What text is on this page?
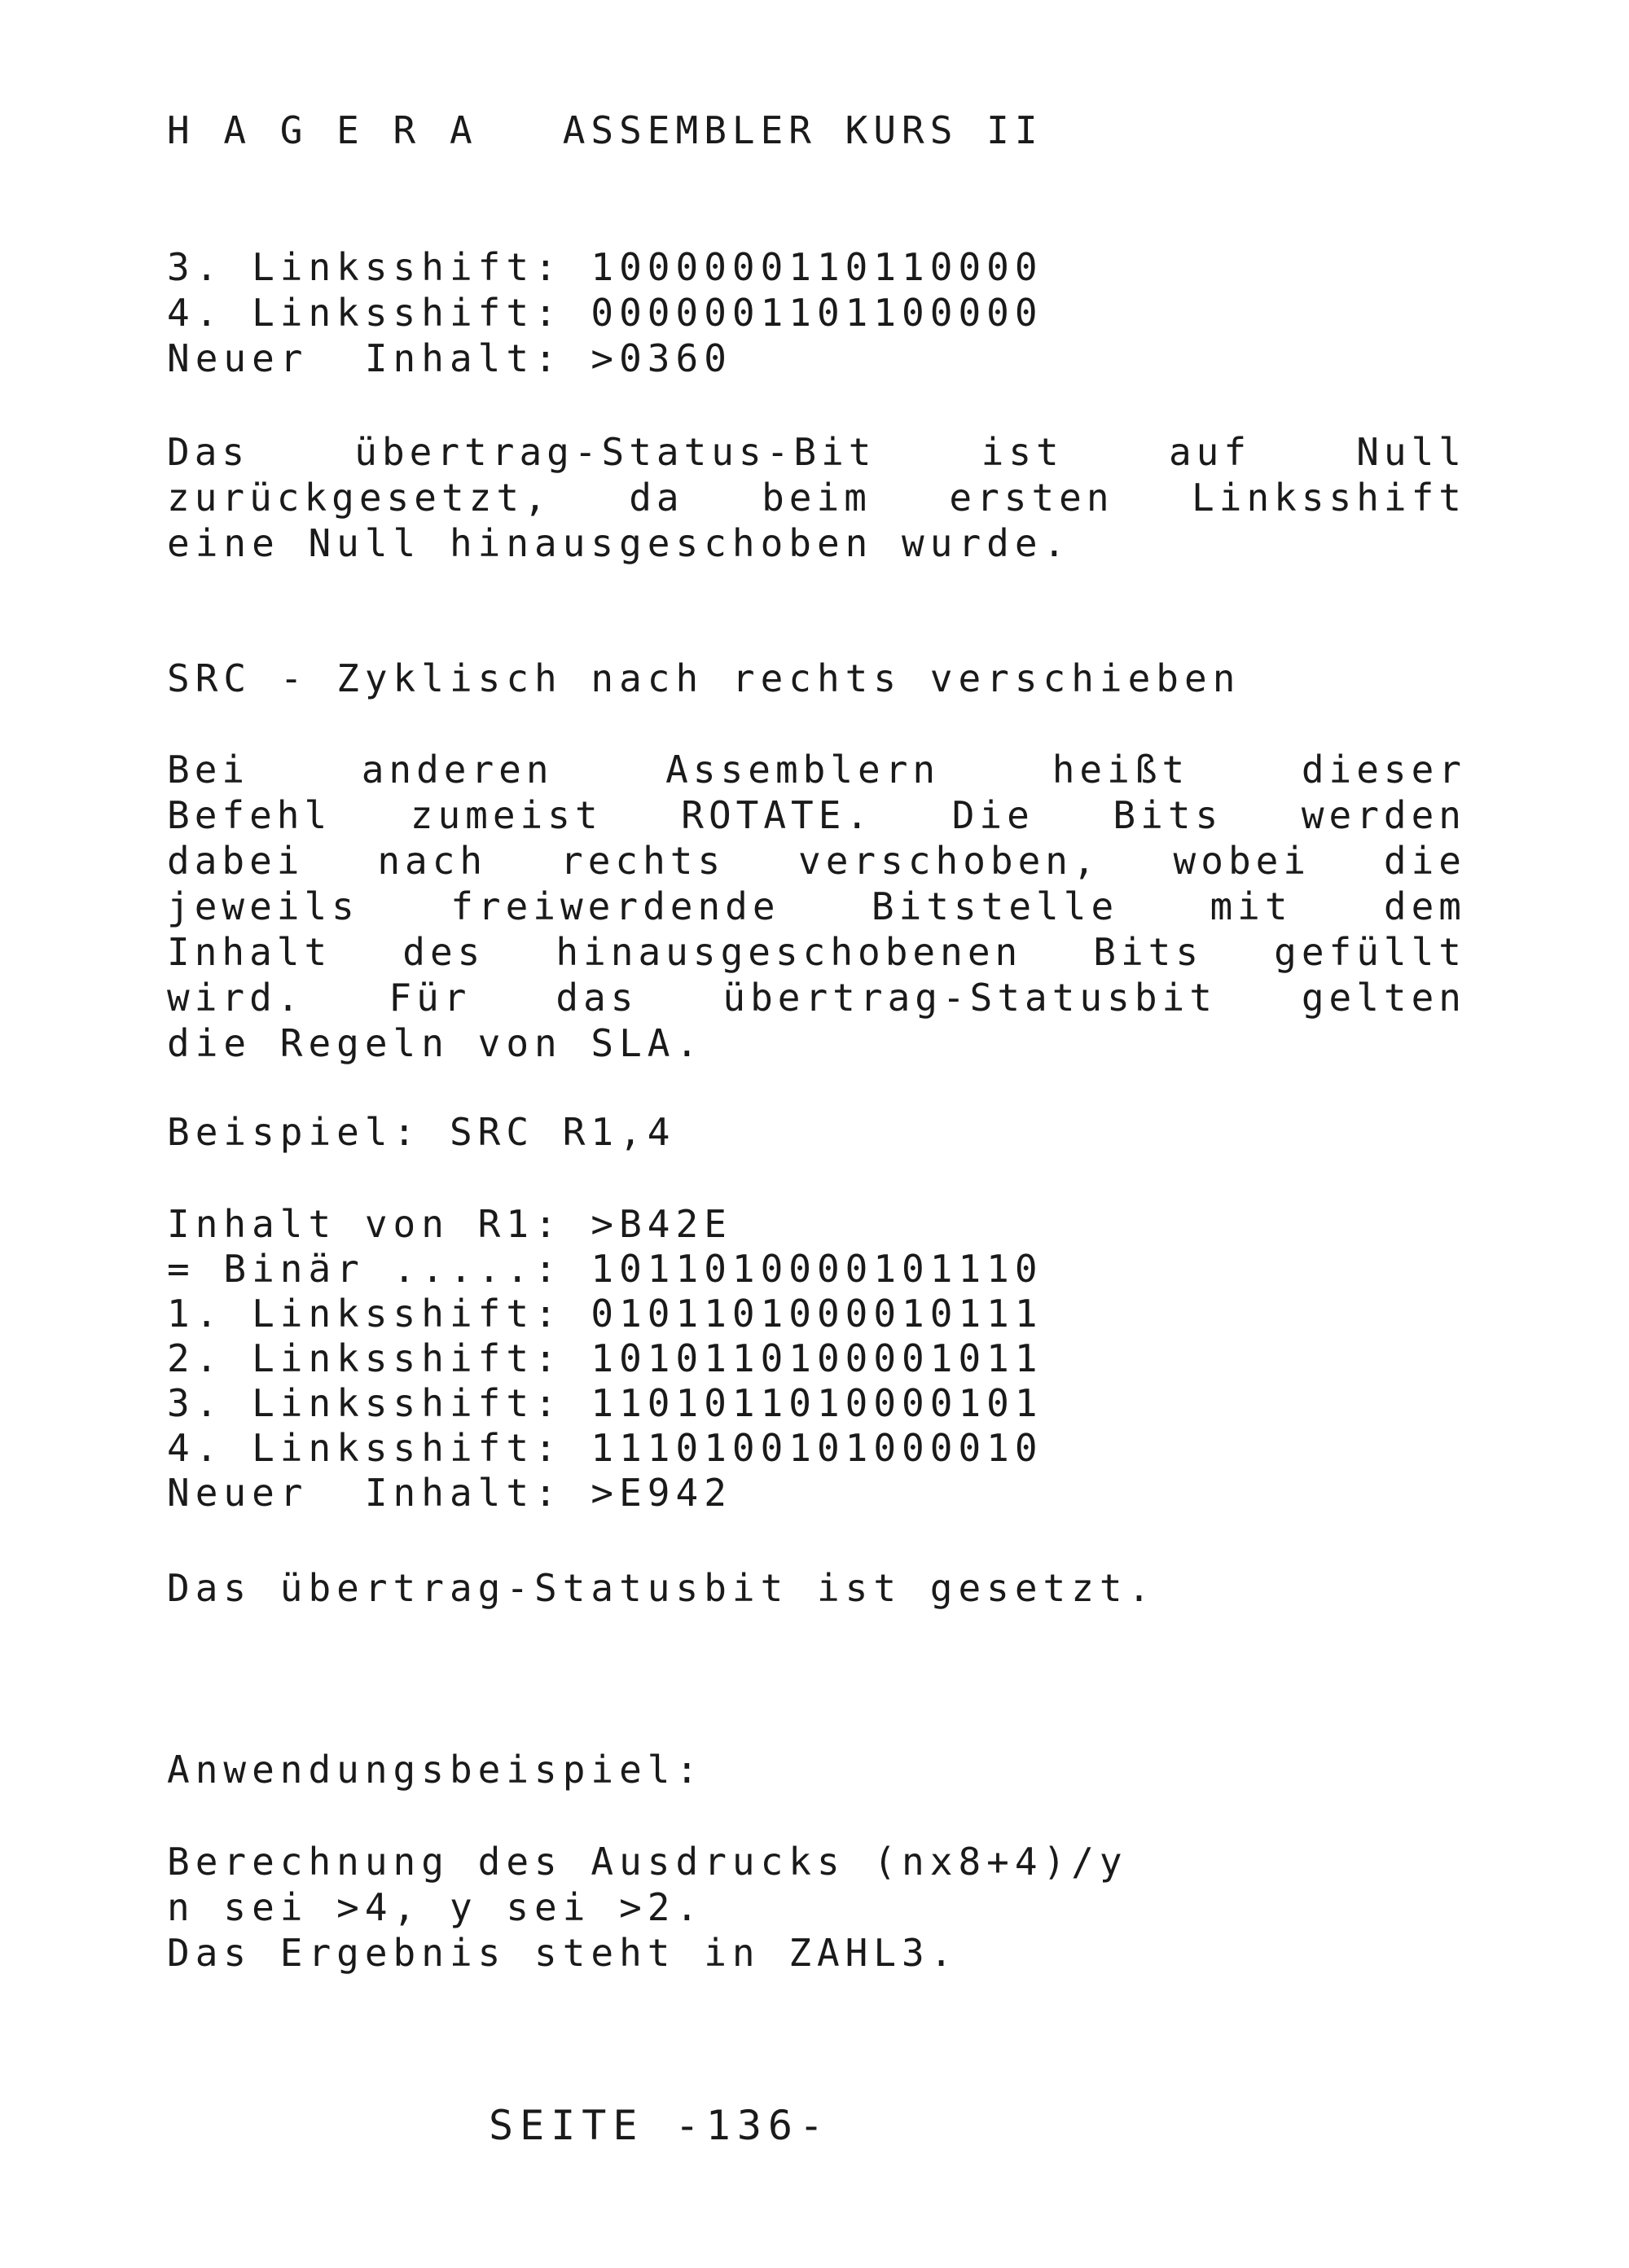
H A G E R A   ASSEMBLER KURS II
3. Linksshift: 1000000110110000
4. Linksshift: 0000001101100000
Neuer  Inhalt: >0360
Das übertrag-Status-Bit ist auf Null
zurückgesetzt, da beim ersten Linksshift
eine Null hinausgeschoben wurde.
SRC - Zyklisch nach rechts verschieben
Bei anderen Assemblern heißt dieser
Befehl zumeist ROTATE. Die Bits werden
dabei nach rechts verschoben, wobei die
jeweils freiwerdende Bitstelle mit dem
Inhalt des hinausgeschobenen Bits gefüllt
wird. Für das übertrag-Statusbit gelten
die Regeln von SLA.
Beispiel: SRC R1,4
Inhalt von R1: >B42E
= Binär .....: 1011010000101110
1. Linksshift: 0101101000010111
2. Linksshift: 1010110100001011
3. Linksshift: 1101011010000101
4. Linksshift: 1110100101000010
Neuer  Inhalt: >E942
Das übertrag-Statusbit ist gesetzt.
Anwendungsbeispiel:
Berechnung des Ausdrucks (nx8+4)/y
n sei >4, y sei >2.
Das Ergebnis steht in ZAHL3.
SEITE -136-
